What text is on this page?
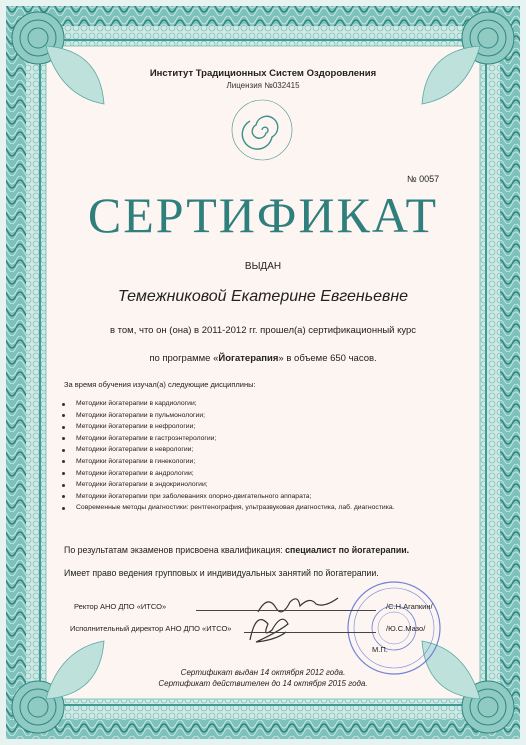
Институт Традиционных Систем Оздоровления
Лицензия №032415
№ 0057
СЕРТИФИКАТ
ВЫДАН
Темежниковой Екатерине Евгеньевне
в том, что он (она) в 2011-2012 гг. прошел(а) сертификационный курс
по программе «Йогатерапия» в объеме 650 часов.
За время обучения изучал(а) следующие дисциплины:
Методики йогатерапии в кардиологии;
Методики йогатерапии в пульмонологии;
Методики йогатерапии в нефрологии;
Методики йогатерапии в гастроэнтерологии;
Методики йогатерапии в неврологии;
Методики йогатерапии в гинекологии;
Методики йогатерапии в андрологии;
Методики йогатерапии в эндокринологии;
Методики йогатерапии при заболеваниях опорно-двигательного аппарата;
Современные методы диагностики: рентгенография, ультразвуковая диагностика, лаб. диагностика.
По результатам экзаменов присвоена квалификация: специалист по йогатерапии.
Имеет право ведения групповых и индивидуальных занятий по йогатерапии.
Ректор АНО ДПО «ИТСО»	/С.Н.Агапкин/
Исполнительный директор АНО ДПО «ИТСО»	/Ю.С.Мазо/
М.П.
Сертификат выдан 14 октября 2012 года.
Сертификат действителен до 14 октября 2015 года.
